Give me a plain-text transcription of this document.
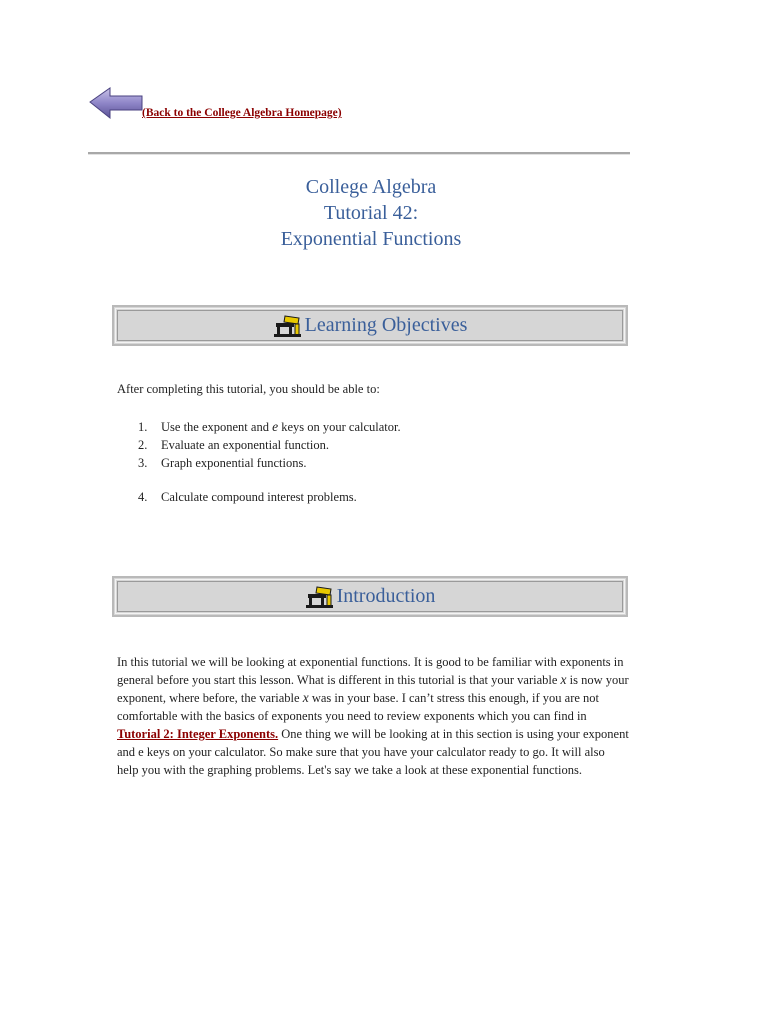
(Back to the College Algebra Homepage)
College Algebra
Tutorial 42:
Exponential Functions
Learning Objectives
After completing this tutorial, you should be able to:
1. Use the exponent and e keys on your calculator.
2. Evaluate an exponential function.
3. Graph exponential functions.
4. Calculate compound interest problems.
Introduction
In this tutorial we will be looking at exponential functions. It is good to be familiar with exponents in general before you start this lesson. What is different in this tutorial is that your variable x is now your exponent, where before, the variable x was in your base. I can’t stress this enough, if you are not comfortable with the basics of exponents you need to review exponents which you can find in Tutorial 2: Integer Exponents. One thing we will be looking at in this section is using your exponent and e keys on your calculator. So make sure that you have your calculator ready to go. It will also help you with the graphing problems. Let's say we take a look at these exponential functions.
